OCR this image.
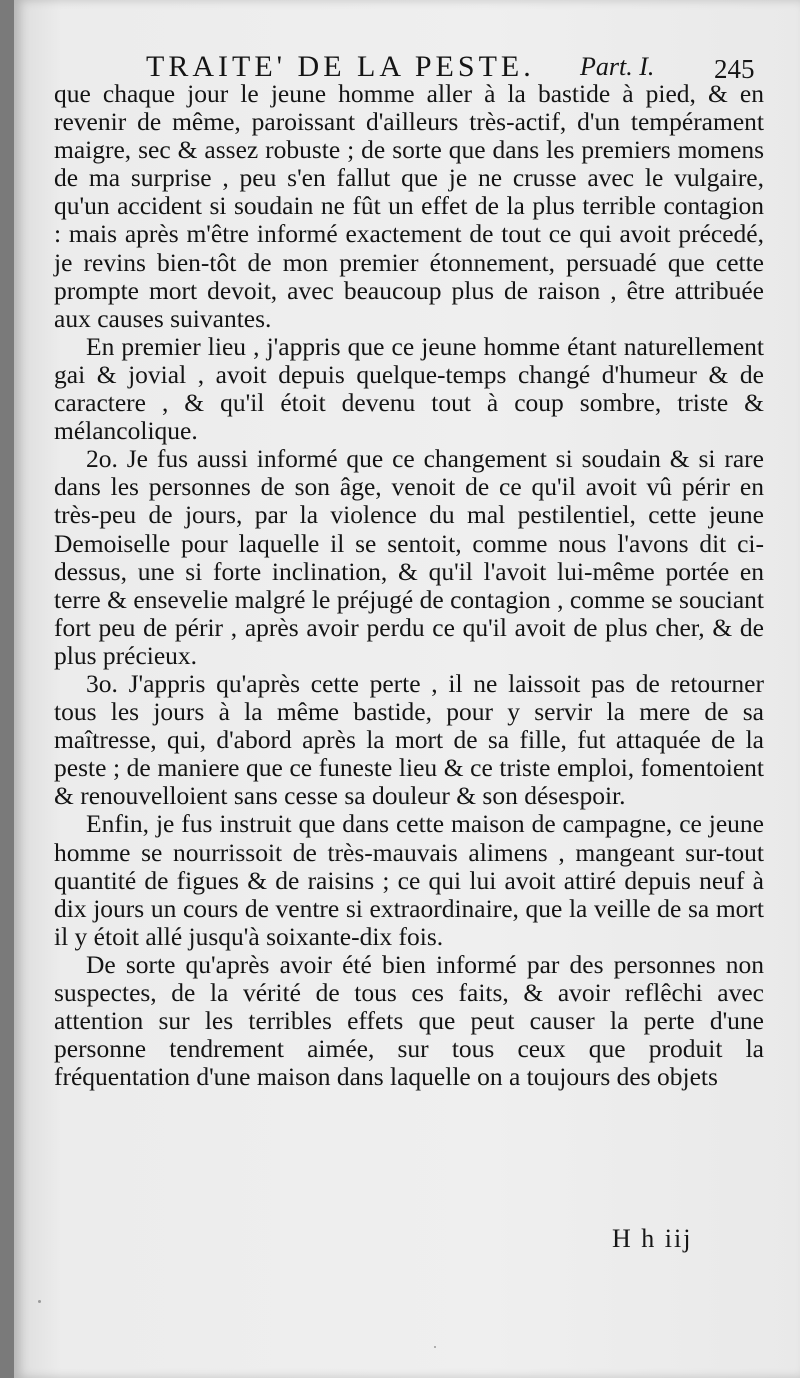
TRAITE' DE LA PESTE. Part. I. 245

que chaque jour le jeune homme aller à la bastide à pied, & en revenir de même, paroissant d'ailleurs très-actif, d'un tempérament maigre, sec & assez robuste ; de sorte que dans les premiers momens de ma surprise , peu s'en fallut que je ne crusse avec le vulgaire, qu'un accident si soudain ne fût un effet de la plus terrible contagion : mais après m'être informé exactement de tout ce qui avoit précedé, je revins bien-tôt de mon premier étonnement, persuadé que cette prompte mort devoit, avec beaucoup plus de raison , être attribuée aux causes suivantes.

En premier lieu , j'appris que ce jeune homme étant naturellement gai & jovial , avoit depuis quelque-temps changé d'humeur & de caractere , & qu'il étoit devenu tout à coup sombre, triste & mélancolique.

2o. Je fus aussi informé que ce changement si soudain & si rare dans les personnes de son âge, venoit de ce qu'il avoit vû périr en très-peu de jours, par la violence du mal pestilentiel, cette jeune Demoiselle pour laquelle il se sentoit, comme nous l'avons dit ci-dessus, une si forte inclination, & qu'il l'avoit lui-même portée en terre & ensevelie malgré le préjugé de contagion , comme se souciant fort peu de périr , après avoir perdu ce qu'il avoit de plus cher, & de plus précieux.

3o. J'appris qu'après cette perte , il ne laissoit pas de retourner tous les jours à la même bastide, pour y servir la mere de sa maîtresse, qui, d'abord après la mort de sa fille, fut attaquée de la peste ; de maniere que ce funeste lieu & ce triste emploi, fomentoient & renouvelloient sans cesse sa douleur & son désespoir.

Enfin, je fus instruit que dans cette maison de campagne, ce jeune homme se nourrissoit de très-mauvais alimens , mangeant sur-tout quantité de figues & de raisins ; ce qui lui avoit attiré depuis neuf à dix jours un cours de ventre si extraordinaire, que la veille de sa mort il y étoit allé jusqu'à soixante-dix fois.

De sorte qu'après avoir été bien informé par des personnes non suspectes, de la vérité de tous ces faits, & avoir reflêchi avec attention sur les terribles effets que peut causer la perte d'une personne tendrement aimée, sur tous ceux que produit la fréquentation d'une maison dans laquelle on a toujours des objets

H h iij
